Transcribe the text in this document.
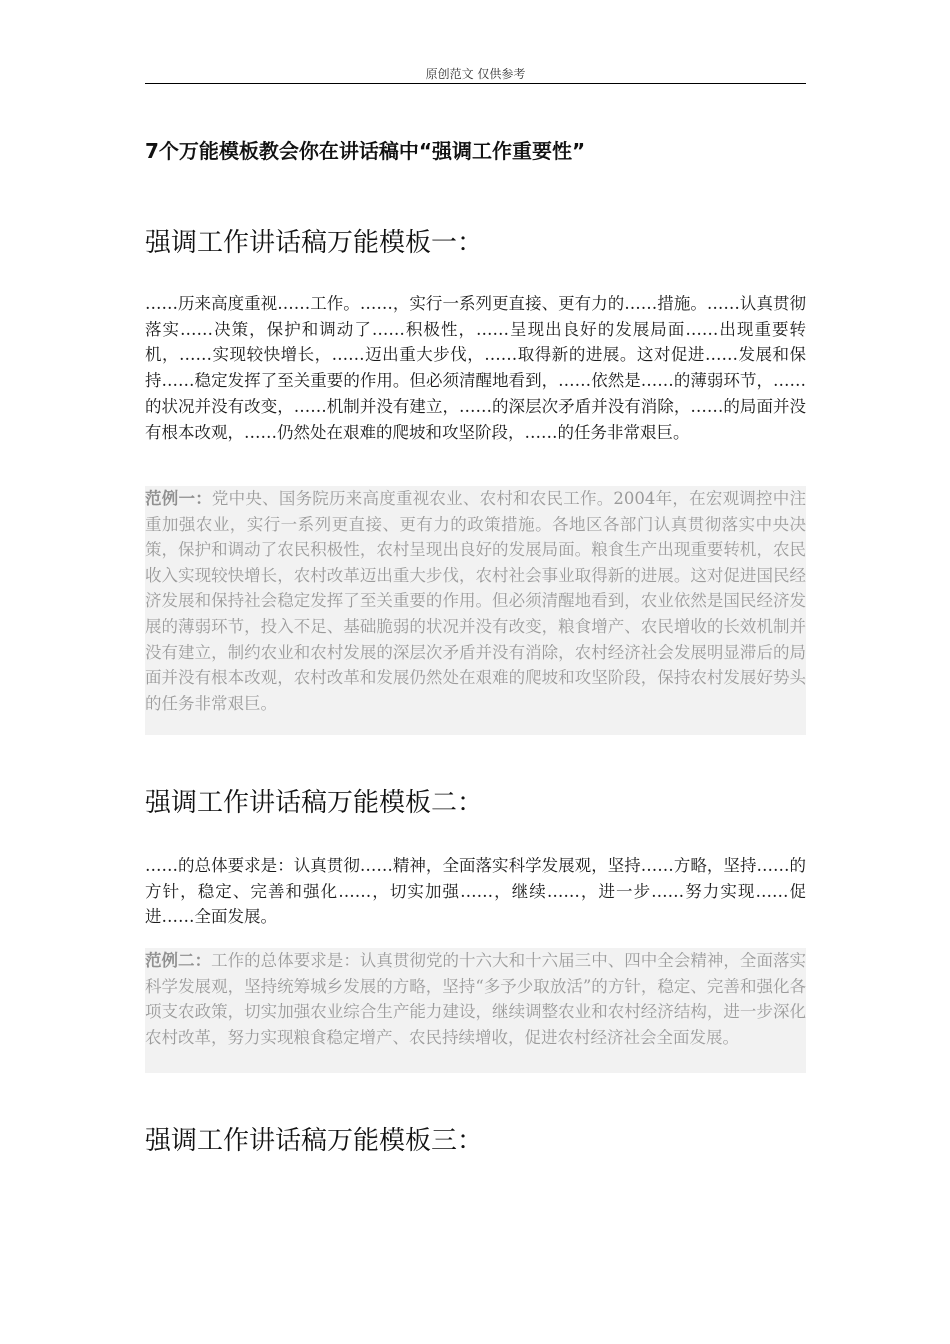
原创范文 仅供参考
7个万能模板教会你在讲话稿中“强调工作重要性”
强调工作讲话稿万能模板一：

……历来高度重视……工作。……，实行一系列更直接、更有力的……措施。……认真贯彻落实……决策，保护和调动了……积极性，……呈现出良好的发展局面……出现重要转机，……实现较快增长，……迈出重大步伐，……取得新的进展。这对促进……发展和保持……稳定发挥了至关重要的作用。但必须清醒地看到，……依然是……的薄弱环节，……的状况并没有改变，……机制并没有建立，……的深层次矛盾并没有消除，……的局面并没有根本改观，……仍然处在艰难的爬坡和攻坚阶段，……的任务非常艰巨。

范例一：党中央、国务院历来高度重视农业、农村和农民工作。2004年，在宏观调控中注重加强农业，实行一系列更直接、更有力的政策措施。各地区各部门认真贯彻落实中央决策，保护和调动了农民积极性，农村呈现出良好的发展局面。粮食生产出现重要转机，农民收入实现较快增长，农村改革迈出重大步伐，农村社会事业取得新的进展。这对促进国民经济发展和保持社会稳定发挥了至关重要的作用。但必须清醒地看到，农业依然是国民经济发展的薄弱环节，投入不足、基础脆弱的状况并没有改变，粮食增产、农民增收的长效机制并没有建立，制约农业和农村发展的深层次矛盾并没有消除，农村经济社会发展明显滞后的局面并没有根本改观，农村改革和发展仍然处在艰难的爬坡和攻坚阶段，保持农村发展好势头的任务非常艰巨。
强调工作讲话稿万能模板二：

……的总体要求是：认真贯彻……精神，全面落实科学发展观，坚持……方略，坚持……的方针，稳定、完善和强化……，切实加强……，继续……，进一步……努力实现……促进……全面发展。

范例二：工作的总体要求是：认真贯彻党的十六大和十六届三中、四中全会精神，全面落实科学发展观，坚持统筹城乡发展的方略，坚持“多予少取放活”的方针，稳定、完善和强化各项支农政策，切实加强农业综合生产能力建设，继续调整农业和农村经济结构，进一步深化农村改革，努力实现粮食稳定增产、农民持续增收，促进农村经济社会全面发展。
强调工作讲话稿万能模板三：
